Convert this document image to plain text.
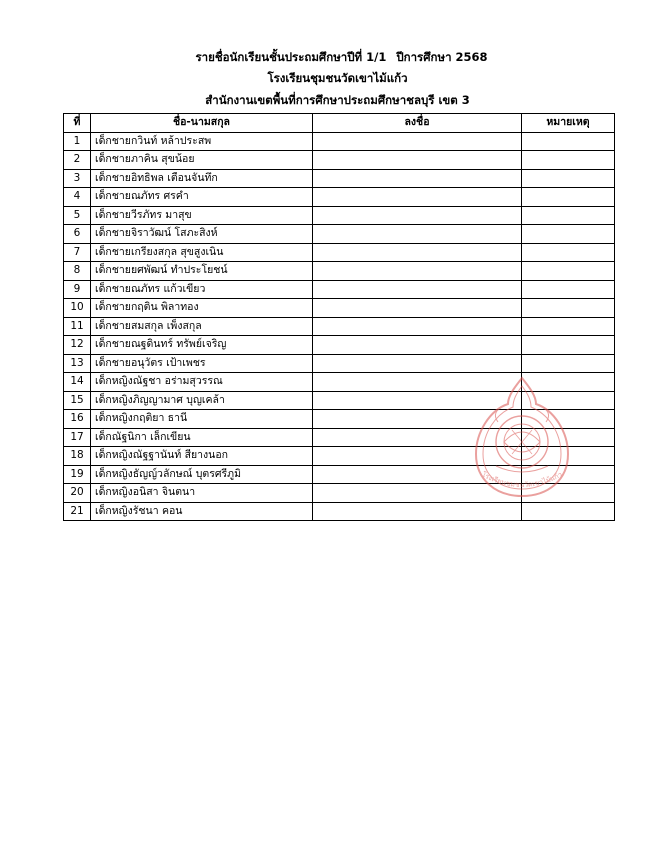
รายชื่อนักเรียนชั้นประถมศึกษาปีที่ 1/1 ปีการศึกษา 2568
โรงเรียนชุมชนวัดเขาไม้แก้ว
สำนักงานเขตพื้นที่การศึกษาประถมศึกษาชลบุรี เขต 3
ที่	ชื่อ-นามสกุล	ลงชื่อ	หมายเหตุ
1	เด็กชายกวินท์ หล้าประสพ		
2	เด็กชายภาคิน สุขน้อย		
3	เด็กชายอิทธิพล เตือนจันทึก		
4	เด็กชายณภัทร ศรคำ		
5	เด็กชายวีรภัทร มาสุข		
6	เด็กชายจิราวัฒน์ โสภะสิงห์		
7	เด็กชายเกรียงสกุล สุขสูงเนิน		
8	เด็กชายยศพัฒน์ ทำประโยชน์		
9	เด็กชายณภัทร แก้วเขียว		
10	เด็กชายกฤติน พิลาทอง		
11	เด็กชายสมสกุล เพ็งสกุล		
12	เด็กชายณฐดินทร์ ทรัพย์เจริญ		
13	เด็กชายอนุวัตร เป้าเพชร		
14	เด็กหญิงณัฐชา อร่ามสุวรรณ		
15	เด็กหญิงภิญญามาศ บุญเคล้า		
16	เด็กหญิงกฤติยา ธานี		
17	เด็กณัฐนิกา เล็กเขียน		
18	เด็กหญิงณัฐฐานันท์ สียางนอก		
19	เด็กหญิงธัญญ์วลักษณ์ บุตรศรีภูมิ		
20	เด็กหญิงอนิสา จินตนา		
21	เด็กหญิงรัชนา คอน		
โรงเรียนชุมชนวัดเขาไม้แก้ว
